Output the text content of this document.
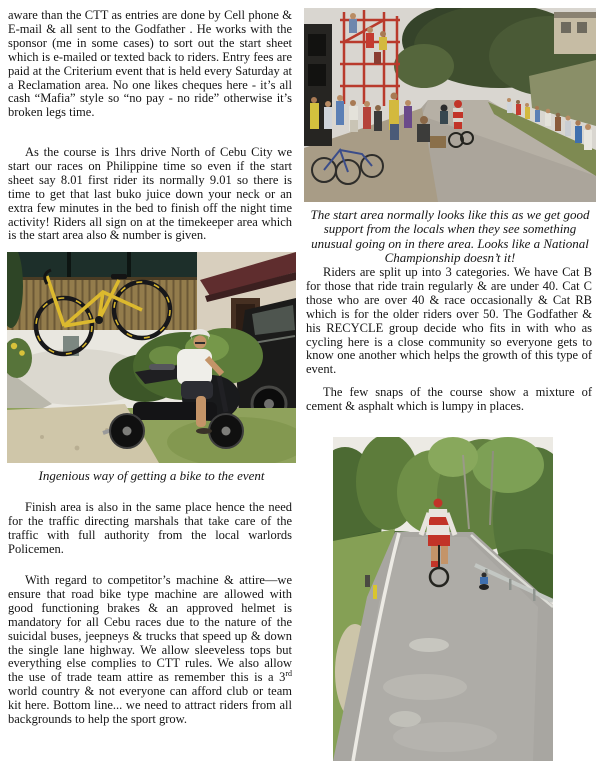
aware than the CTT as entries are done by Cell phone & E-mail & all sent to the Godfather . He works with the sponsor (me in some cases) to sort out the start sheet which is e-mailed or texted back to riders. Entry fees are paid at the Criterium event that is held every Saturday at a Reclamation area. No one likes cheques here - it’s all cash “Mafia” style so “no pay - no ride” otherwise it’s broken legs time.

As the course is 1hrs drive North of Cebu City we start our races on Philippine time so even if the start sheet say 8.01 first rider its normally 9.01 so there is time to get that last buko juice down your neck or an extra few minutes in the bed to finish off the night time activity! Riders all sign on at the timekeeper area which is the start area also & number is given.

Ingenious way of getting a bike to the event

Finish area is also in the same place hence the need for the traffic directing marshals that take care of the traffic with full authority from the local warlords Policemen.

With regard to competitor’s machine & attire—we ensure that road bike type machine are allowed with good functioning brakes & an approved helmet is mandatory for all Cebu races due to the nature of the suicidal buses, jeepneys & trucks that speed up & down the single lane highway. We allow sleeveless tops but everything else complies to CTT rules. We also allow the use of trade team attire as remember this is a 3rd world country & not everyone can afford club or team kit here. Bottom line... we need to attract riders from all backgrounds to help the sport grow.

The start area normally looks like this as we get good support from the locals when they see something unusual going on in there area. Looks like a National Championship doesn’t it!

Riders are split up into 3 categories. We have Cat B for those that ride train regularly & are under 40. Cat C those who are over 40 & race occasionally & Cat RB which is for the older riders over 50. The Godfather & his RECYCLE group decide who fits in with who as cycling here is a close community so everyone gets to know one another which helps the growth of this type of event.

The few snaps of the course show a mixture of cement & asphalt which is lumpy in places.
